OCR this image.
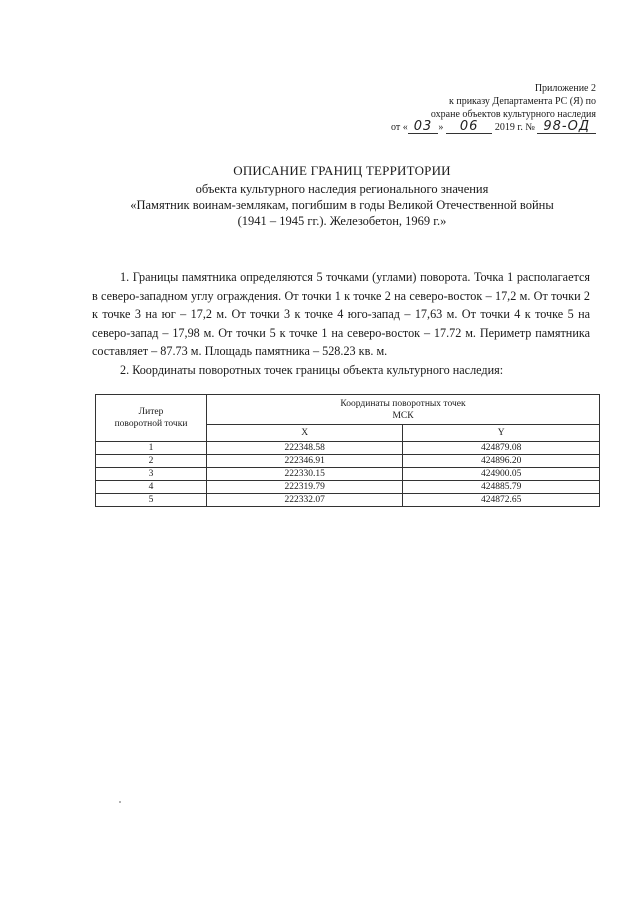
Приложение 2
к приказу Департамента РС (Я) по
охране объектов культурного наследия
от « 03 » 06 2019 г. № 98-ОД
ОПИСАНИЕ ГРАНИЦ ТЕРРИТОРИИ
объекта культурного наследия регионального значения
«Памятник воинам-землякам, погибшим в годы Великой Отечественной войны
(1941 – 1945 гг.). Железобетон, 1969 г.»

1. Границы памятника определяются 5 точками (углами) поворота. Точка 1 располагается в северо-западном углу ограждения. От точки 1 к точке 2 на северо-восток – 17,2 м. От точки 2 к точке 3 на юг – 17,2 м. От точки 3 к точке 4 юго-запад – 17,63 м. От точки 4 к точке 5 на северо-запад – 17,98 м. От точки 5 к точке 1 на северо-восток – 17.72 м. Периметр памятника составляет – 87.73 м. Площадь памятника – 528.23 кв. м.

2. Координаты поворотных точек границы объекта культурного наследия:

Литер
поворотной точки	Координаты поворотных точек
МСК	
	X	Y
1	222348.58	424879.08
2	222346.91	424896.20
3	222330.15	424900.05
4	222319.79	424885.79
5	222332.07	424872.65
